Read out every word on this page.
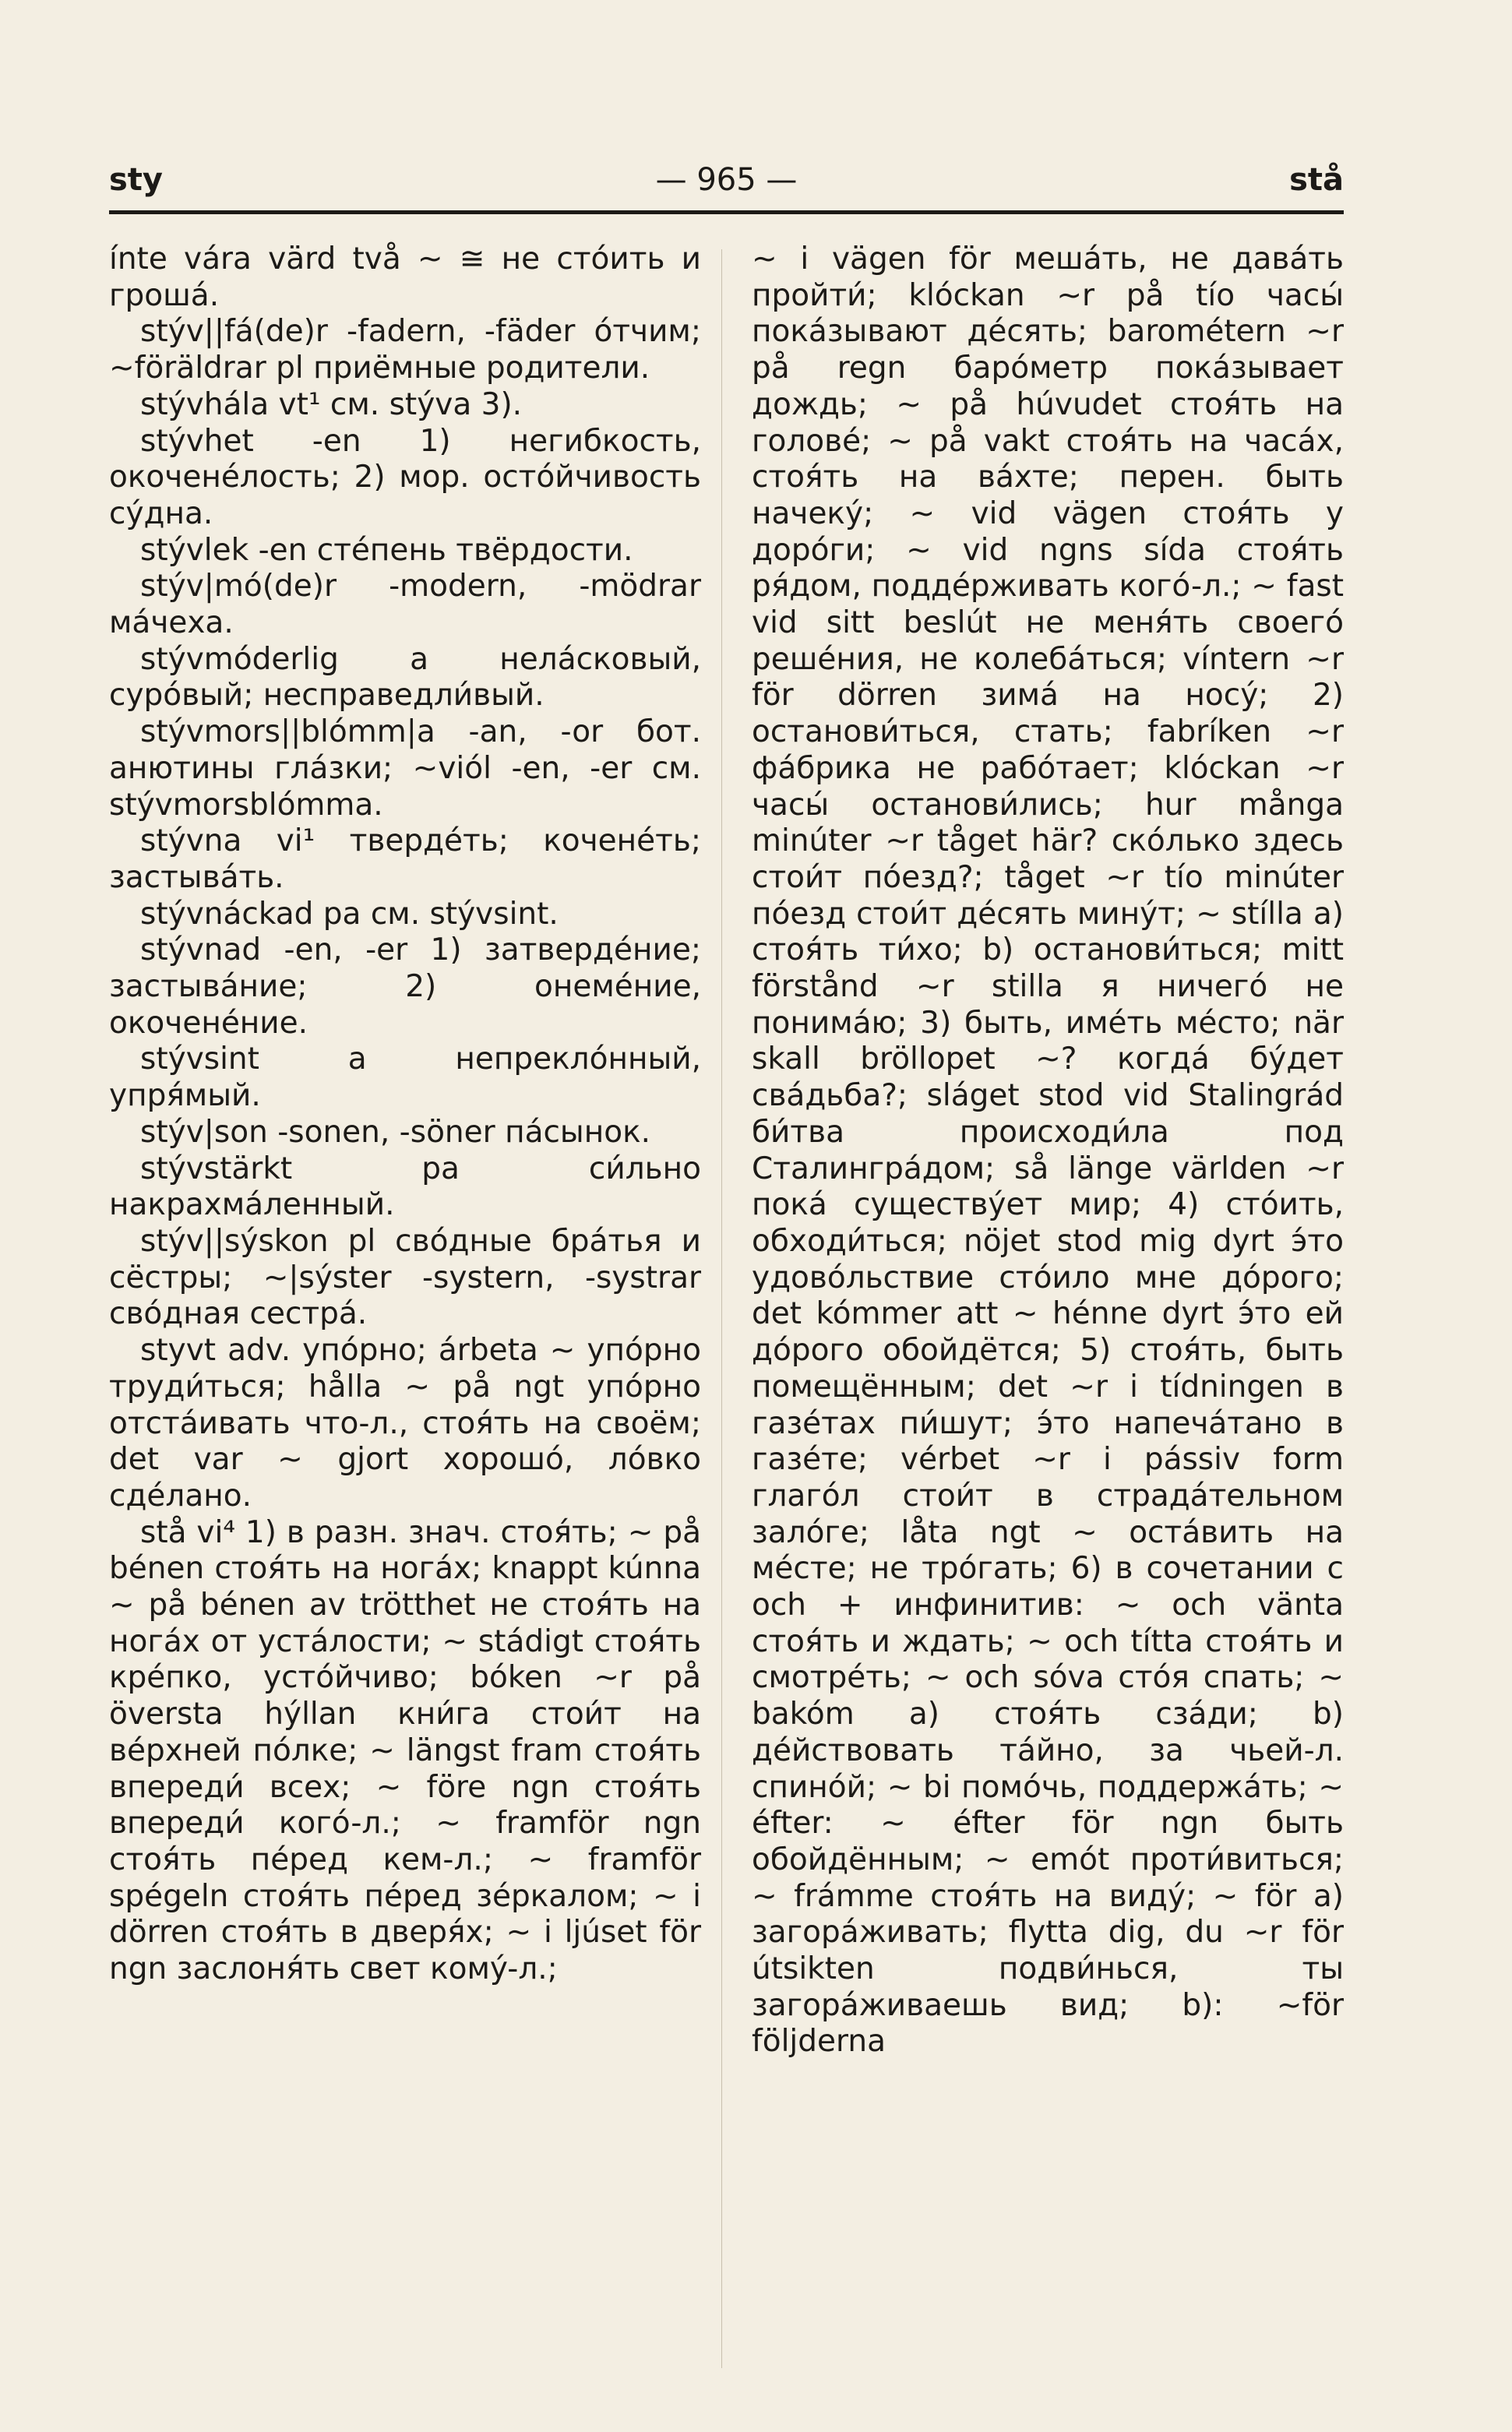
sty	— 965 —	stå

ínte vára värd två ~ ≅ не стóить и грошá.

stýv||fá(de)r -fadern, -fäder óтчим; ~föräldrar pl приёмные родители.

stývhála vt¹ см. stýva 3).

stývhet -en 1) негибкость, окоченéлость; 2) мор. остóйчивость сýдна.

stývlek -en стéпень твёрдости.

stýv|mó(de)r -modern, -mödrar мáчеха.

stývmóderlig a нелáсковый, сурóвый; несправедли́вый.

stývmors||blómm|a -an, -or бот. анютины глáзки; ~viól -en, -er см. stývmorsblómma.

stývna vi¹ твердéть; коченéть; застывáть.

stývnáckad pa см. stývsint.

stývnad -en, -er 1) затвердéние; застывáние; 2) онемéние, окоченéние.

stývsint a непреклóнный, упря́мый.

stýv|son -sonen, -söner пáсынок.

stývstärkt pa си́льно накрахмáленный.

stýv||sýskon pl свóдные брáтья и сёстры; ~|sýster -systern, -systrar свóдная сестрá.

styvt adv. упóрно; árbeta ~ упóрно труди́ться; hålla ~ på ngt упóрно отстáивать что-л., стоя́ть на своём; det var ~ gjort хорошó, лóвко сдéлано.

stå vi⁴ 1) в разн. знач. стоя́ть; ~ på bénen стоя́ть на ногáх; knappt kúnna ~ på bénen av trötthet не стоя́ть на ногáх от устáлости; ~ stádigt стоя́ть крéпко, устóйчиво; bóken ~r på översta hýllan кни́га стои́т на вéрхней пóлке; ~ längst fram стоя́ть впереди́ всех; ~ före ngn стоя́ть впереди́ когó-л.; ~ framför ngn стоя́ть пéред кем-л.; ~ framför spégeln стоя́ть пéред зéркалом; ~ i dörren стоя́ть в дверя́х; ~ i ljúset för ngn заслоня́ть свет комý-л.;

~ i vägen för мешáть, не давáть пройти́; klóckan ~r på tío часы́ покáзывают дéсять; barométern ~r på regn барóметр покáзывает дождь; ~ på húvudet стоя́ть на головé; ~ på vakt стоя́ть на часáх, стоя́ть на вáхте; перен. быть начекý; ~ vid vägen стоя́ть у дорóги; ~ vid ngns sída стоя́ть ря́дом, поддéрживать когó-л.; ~ fast vid sitt beslút не меня́ть своегó решéния, не колебáться; víntern ~r för dörren зимá на носý; 2) останови́ться, стать; fabríken ~r фáбрика не рабóтает; klóckan ~r часы́ останови́лись; hur många minúter ~r tåget här? скóлько здесь стои́т пóезд?; tåget ~r tío minúter пóезд стои́т дéсять минýт; ~ stílla a) стоя́ть ти́хо; b) останови́ться; mitt förstånd ~r stilla я ничегó не понимáю; 3) быть, имéть мéсто; när skall bröllopet ~? когдá бýдет свáдьба?; sláget stod vid Stalingrád би́тва происходи́ла под Сталингрáдом; så länge världen ~r покá существýет мир; 4) стóить, обходи́ться; nöjet stod mig dyrt э́то удовóльствие стóило мне дóрого; det kómmer att ~ hénne dyrt э́то ей дóрого обойдётся; 5) стоя́ть, быть помещённым; det ~r i tídningen в газéтах пи́шут; э́то напечáтано в газéте; vérbet ~r i pássiv form глагóл стои́т в страдáтельном залóге; låta ngt ~ остáвить на мéсте; не трóгать; 6) в сочетании с och + инфинитив: ~ och vänta стоя́ть и ждать; ~ och títta стоя́ть и смотрéть; ~ och sóva стóя спать; ~ bakóm a) стоя́ть сзáди; b) дéйствовать тáйно, за чьей-л. спинóй; ~ bi помóчь, поддержáть; ~ éfter: ~ éfter för ngn быть обойдённым; ~ emót проти́виться; ~ frámme стоя́ть на видý; ~ för a) загорáживать; flytta dig, du ~r för útsikten подви́нься, ты загорáживаешь вид; b): ~för följderna
